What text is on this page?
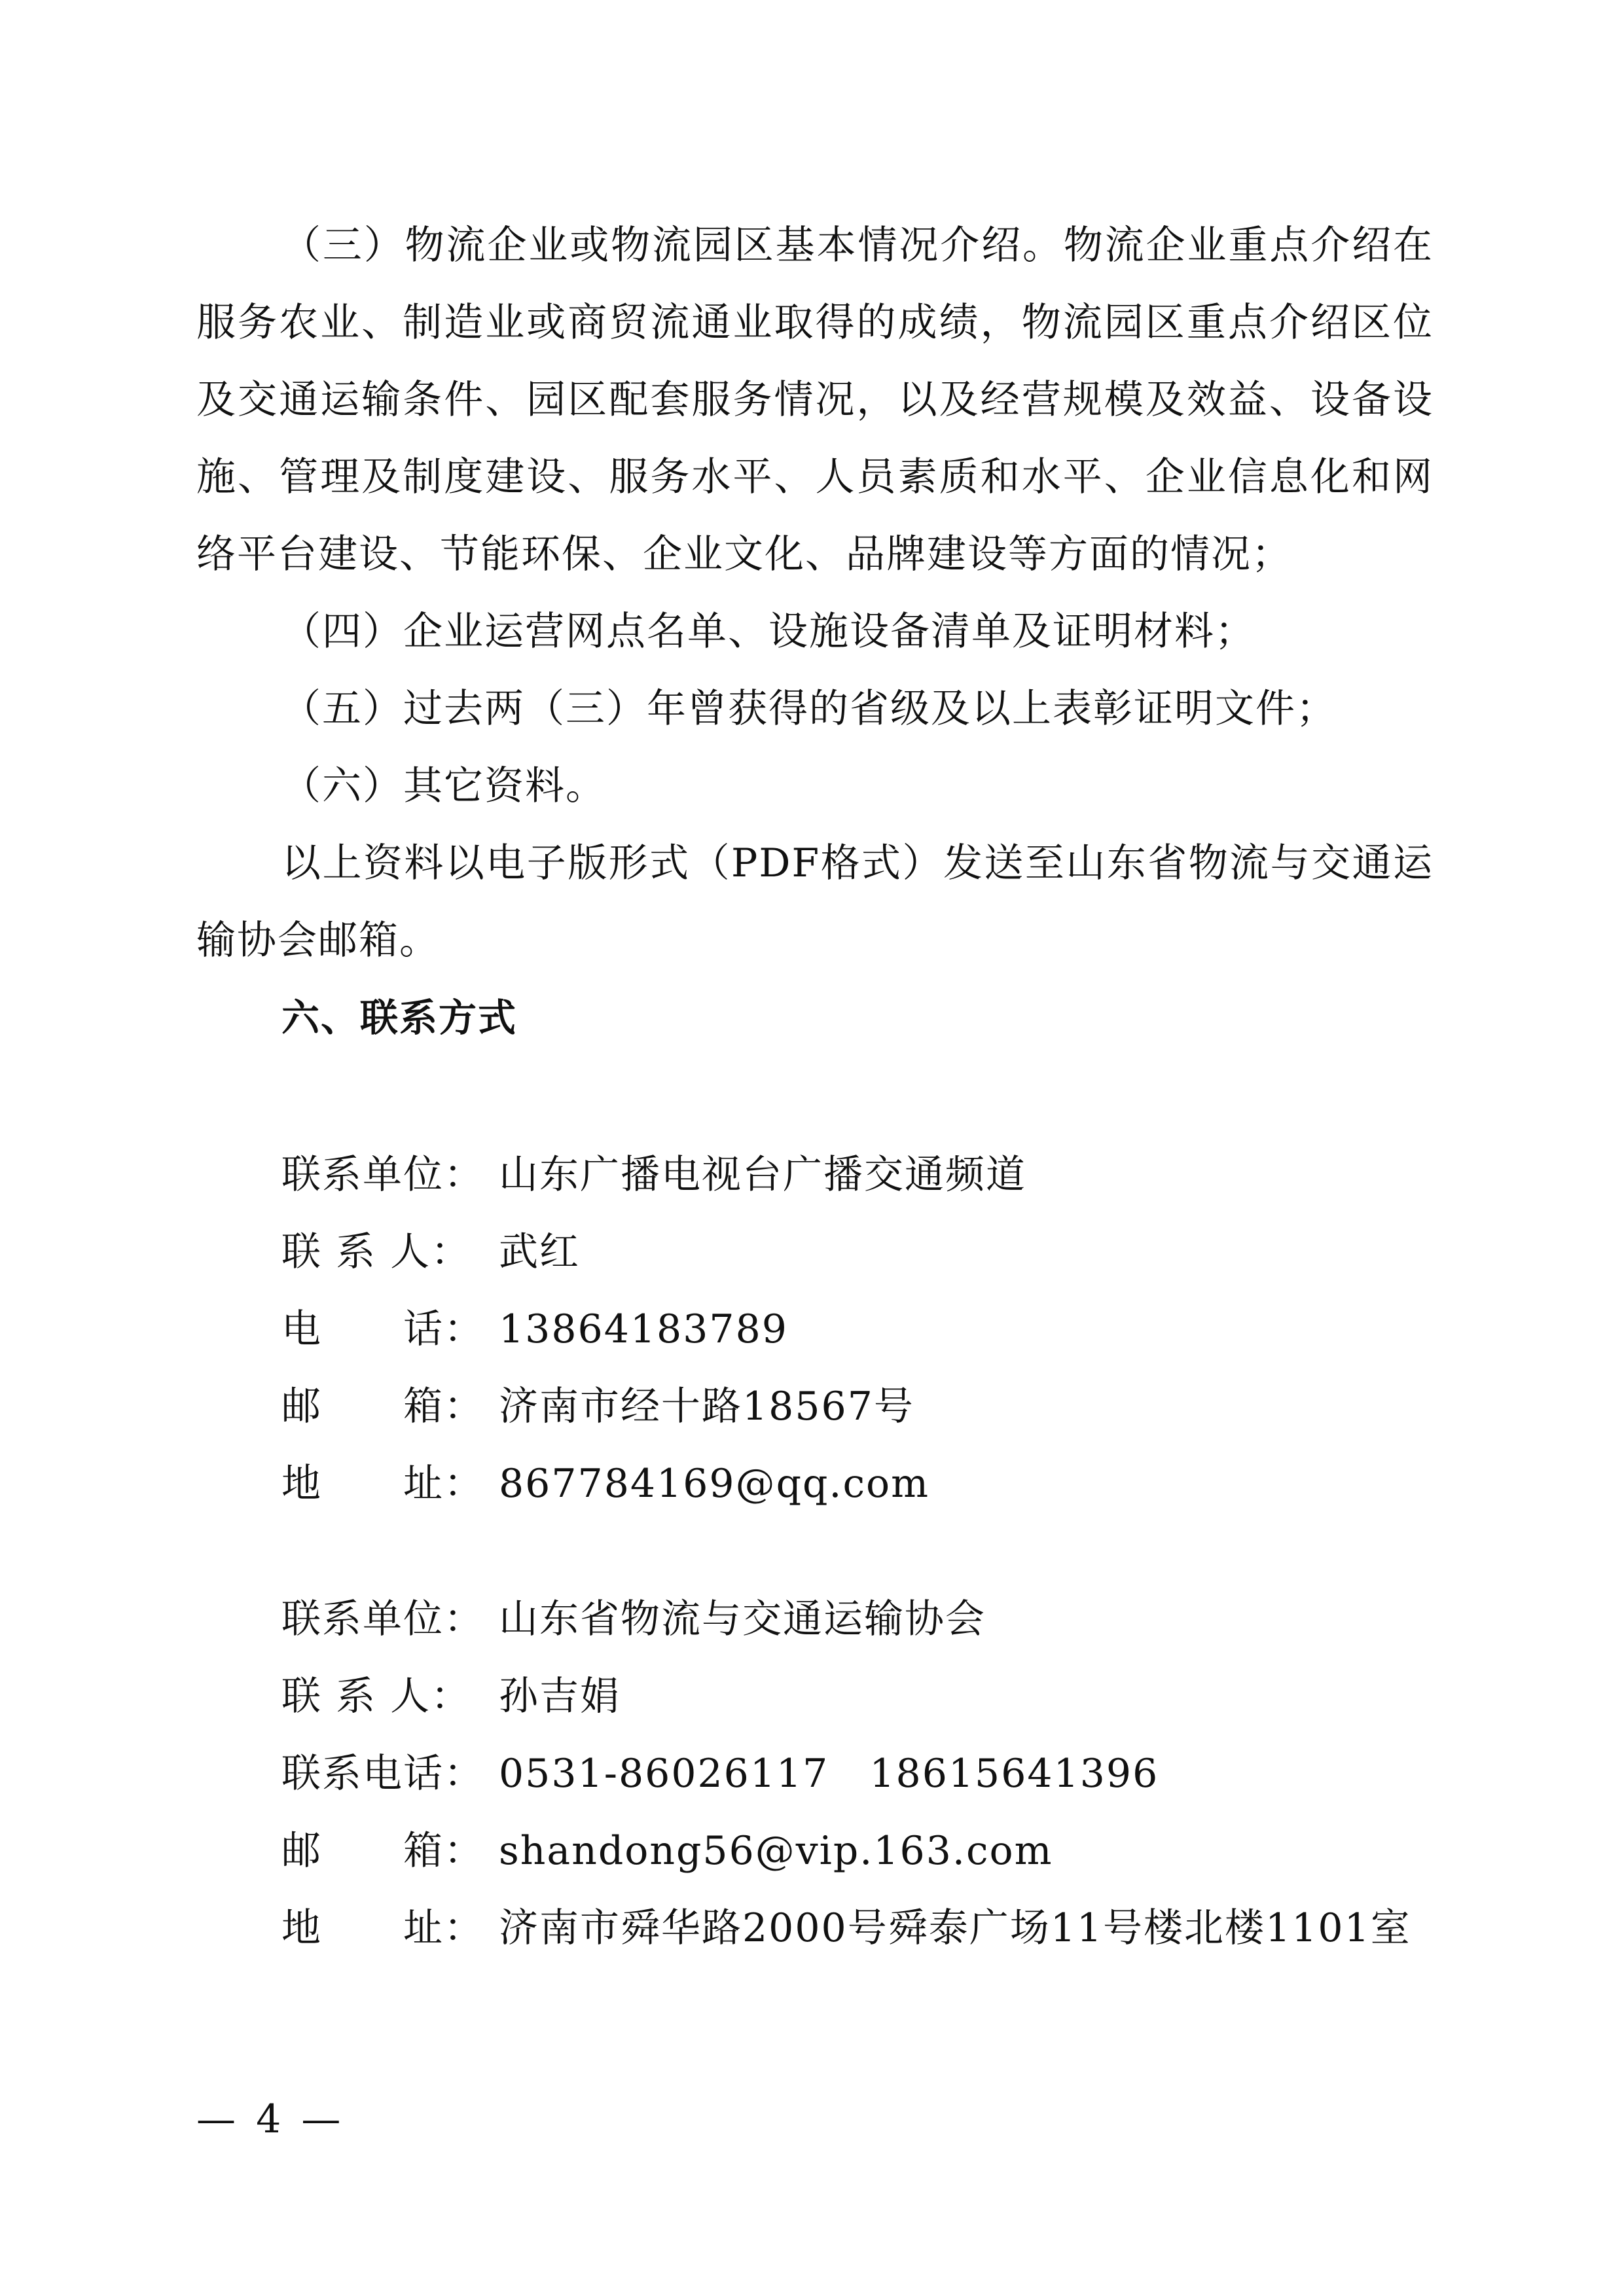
（三）物流企业或物流园区基本情况介绍。物流企业重点介绍在服务农业、制造业或商贸流通业取得的成绩，物流园区重点介绍区位及交通运输条件、园区配套服务情况，以及经营规模及效益、设备设施、管理及制度建设、服务水平、人员素质和水平、企业信息化和网络平台建设、节能环保、企业文化、品牌建设等方面的情况；

（四）企业运营网点名单、设施设备清单及证明材料；

（五）过去两（三）年曾获得的省级及以上表彰证明文件；

（六）其它资料。

以上资料以电子版形式（PDF格式）发送至山东省物流与交通运输协会邮箱。

六、联系方式

联系单位： 山东广播电视台广播交通频道
联 系 人： 武红
电　　话： 13864183789
邮　　箱： 济南市经十路18567号
地　　址： 867784169@qq.com
联系单位： 山东省物流与交通运输协会
联 系 人： 孙吉娟
联系电话： 0531-86026117　18615641396
邮　　箱： shandong56@vip.163.com
地　　址： 济南市舜华路2000号舜泰广场11号楼北楼1101室
— 4 —
